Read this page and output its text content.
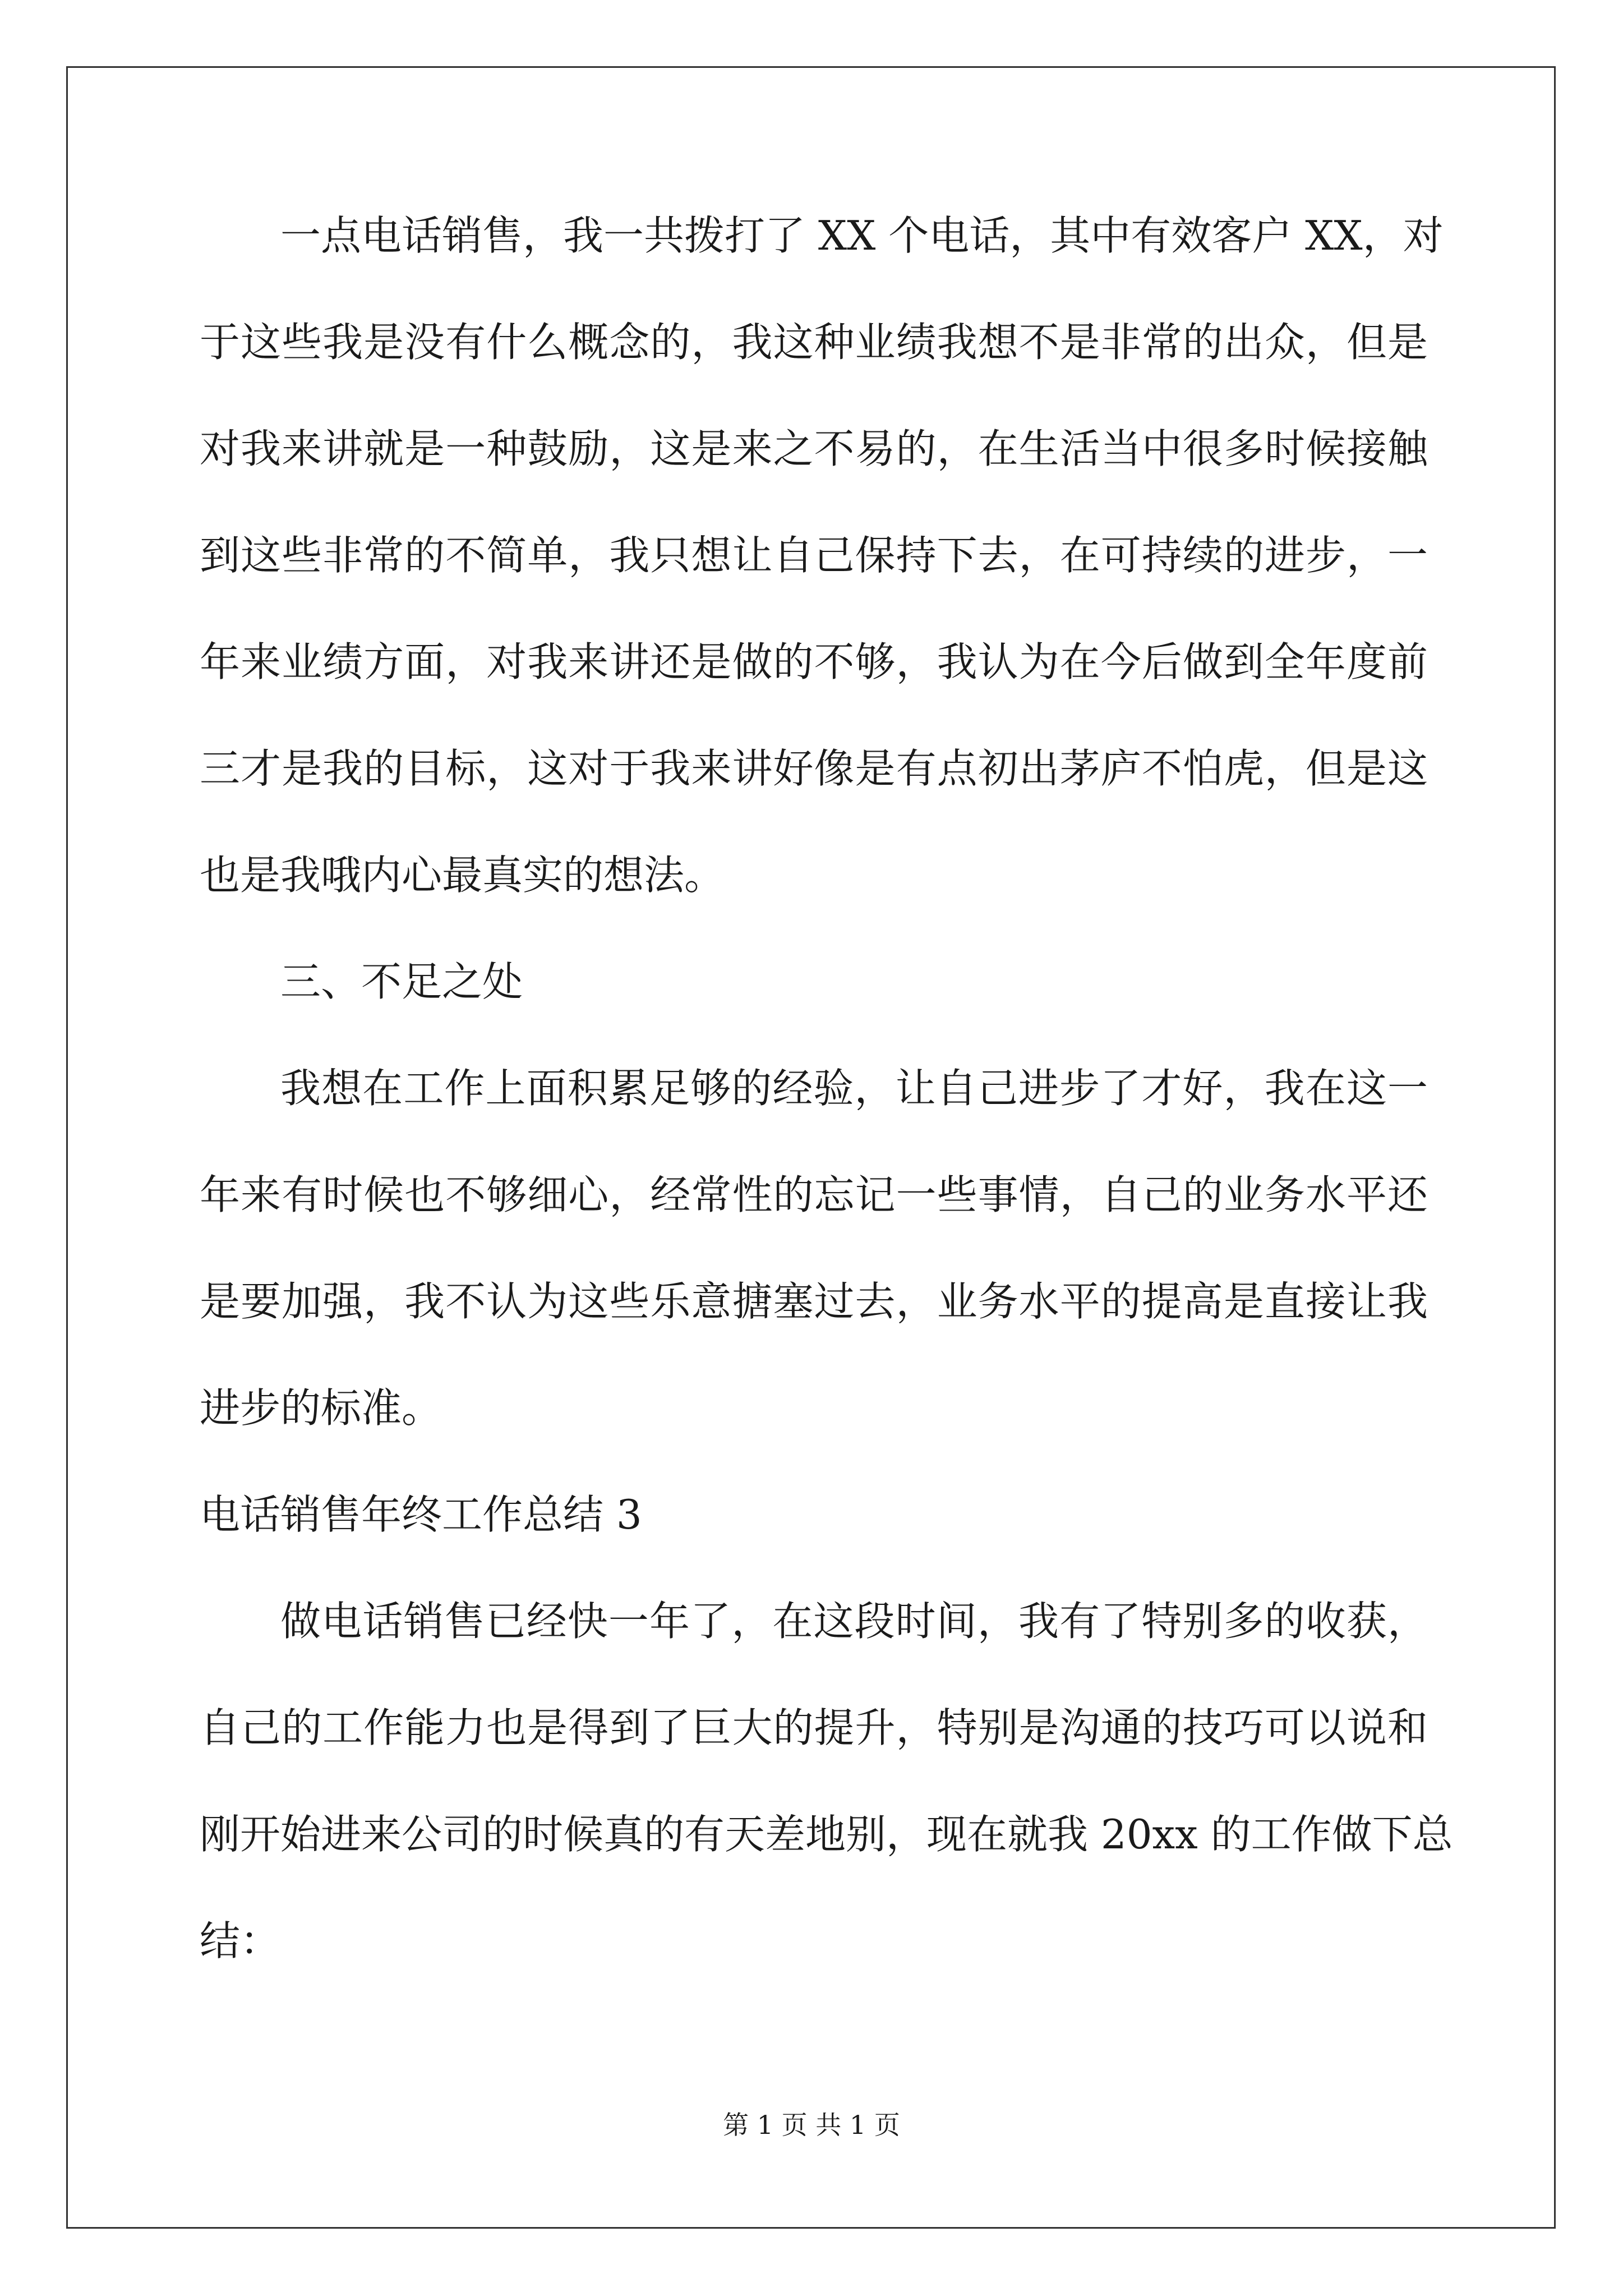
一点电话销售，我一共拨打了 XX 个电话，其中有效客户 XX，对
于这些我是没有什么概念的，我这种业绩我想不是非常的出众，但是
对我来讲就是一种鼓励，这是来之不易的，在生活当中很多时候接触
到这些非常的不简单，我只想让自己保持下去，在可持续的进步，一
年来业绩方面，对我来讲还是做的不够，我认为在今后做到全年度前
三才是我的目标，这对于我来讲好像是有点初出茅庐不怕虎，但是这
也是我哦内心最真实的想法。
三、不足之处
我想在工作上面积累足够的经验，让自己进步了才好，我在这一
年来有时候也不够细心，经常性的忘记一些事情，自己的业务水平还
是要加强，我不认为这些乐意搪塞过去，业务水平的提高是直接让我
进步的标准。
电话销售年终工作总结 3
做电话销售已经快一年了，在这段时间，我有了特别多的收获，
自己的工作能力也是得到了巨大的提升，特别是沟通的技巧可以说和
刚开始进来公司的时候真的有天差地别，现在就我 20xx 的工作做下总
结：
第 1 页 共 1 页
